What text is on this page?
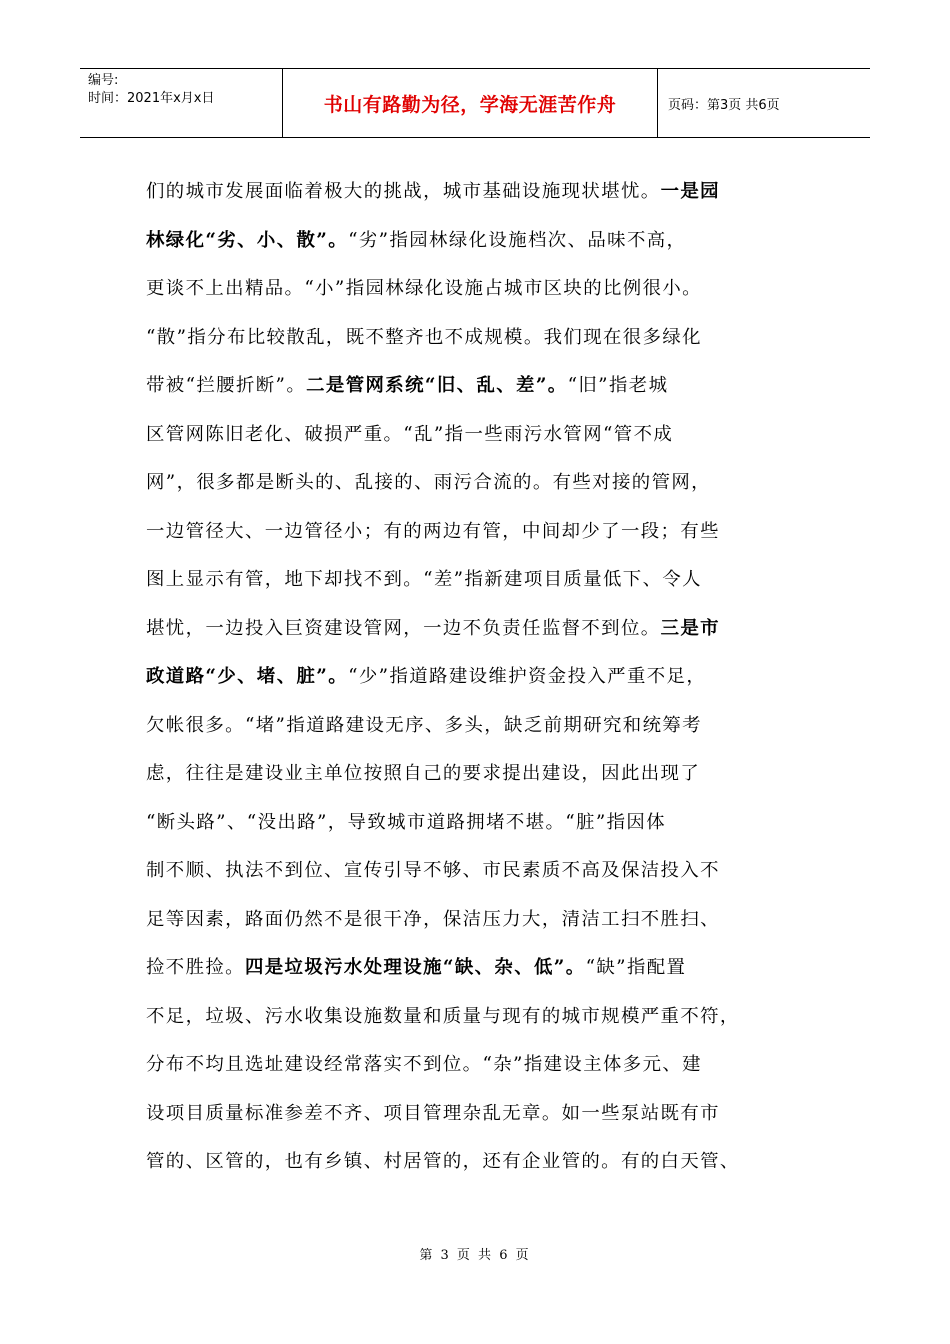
编号:
时间：2021年x月x日	书山有路勤为径，学海无涯苦作舟	页码：第3页 共6页
们的城市发展面临着极大的挑战，城市基础设施现状堪忧。一是园
林绿化“劣、小、散”。“劣”指园林绿化设施档次、品味不高，
更谈不上出精品。“小”指园林绿化设施占城市区块的比例很小。
“散”指分布比较散乱，既不整齐也不成规模。我们现在很多绿化
带被“拦腰折断”。二是管网系统“旧、乱、差”。“旧”指老城
区管网陈旧老化、破损严重。“乱”指一些雨污水管网“管不成
网”，很多都是断头的、乱接的、雨污合流的。有些对接的管网，
一边管径大、一边管径小；有的两边有管，中间却少了一段；有些
图上显示有管，地下却找不到。“差”指新建项目质量低下、令人
堪忧，一边投入巨资建设管网，一边不负责任监督不到位。三是市
政道路“少、堵、脏”。“少”指道路建设维护资金投入严重不足，
欠帐很多。“堵”指道路建设无序、多头，缺乏前期研究和统筹考
虑，往往是建设业主单位按照自己的要求提出建设，因此出现了
“断头路”、“没出路”，导致城市道路拥堵不堪。“脏”指因体
制不顺、执法不到位、宣传引导不够、市民素质不高及保洁投入不
足等因素，路面仍然不是很干净，保洁压力大，清洁工扫不胜扫、
捡不胜捡。四是垃圾污水处理设施“缺、杂、低”。“缺”指配置
不足，垃圾、污水收集设施数量和质量与现有的城市规模严重不符，
分布不均且选址建设经常落实不到位。“杂”指建设主体多元、建
设项目质量标准参差不齐、项目管理杂乱无章。如一些泵站既有市
管的、区管的，也有乡镇、村居管的，还有企业管的。有的白天管、
第 3 页 共 6 页
